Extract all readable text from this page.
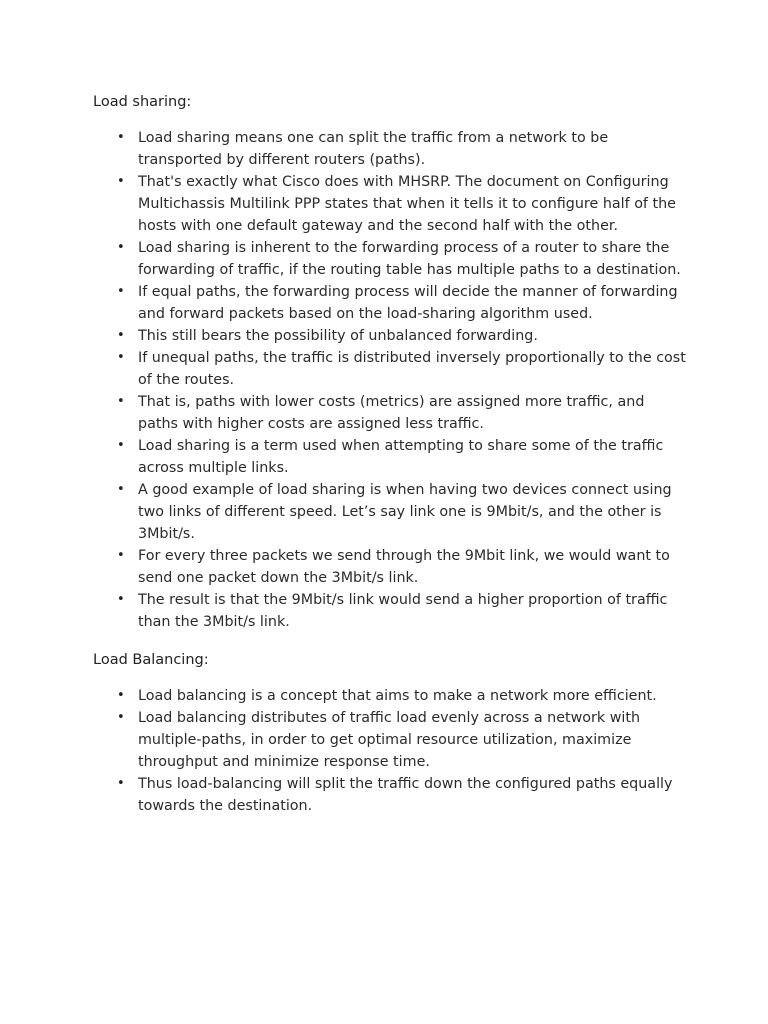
Load sharing:
• Load sharing means one can split the traffic from a network to be transported by different routers (paths).
• That's exactly what Cisco does with MHSRP. The document on Configuring Multichassis Multilink PPP states that when it tells it to configure half of the hosts with one default gateway and the second half with the other.
• Load sharing is inherent to the forwarding process of a router to share the forwarding of traffic, if the routing table has multiple paths to a destination.
• If equal paths, the forwarding process will decide the manner of forwarding and forward packets based on the load-sharing algorithm used.
• This still bears the possibility of unbalanced forwarding.
• If unequal paths, the traffic is distributed inversely proportionally to the cost of the routes.
• That is, paths with lower costs (metrics) are assigned more traffic, and paths with higher costs are assigned less traffic.
• Load sharing is a term used when attempting to share some of the traffic across multiple links.
• A good example of load sharing is when having two devices connect using two links of different speed. Let’s say link one is 9Mbit/s, and the other is 3Mbit/s.
• For every three packets we send through the 9Mbit link, we would want to send one packet down the 3Mbit/s link.
• The result is that the 9Mbit/s link would send a higher proportion of traffic than the 3Mbit/s link.
Load Balancing:
• Load balancing is a concept that aims to make a network more efficient.
• Load balancing distributes of traffic load evenly across a network with multiple-paths, in order to get optimal resource utilization, maximize throughput and minimize response time.
• Thus load-balancing will split the traffic down the configured paths equally towards the destination.
